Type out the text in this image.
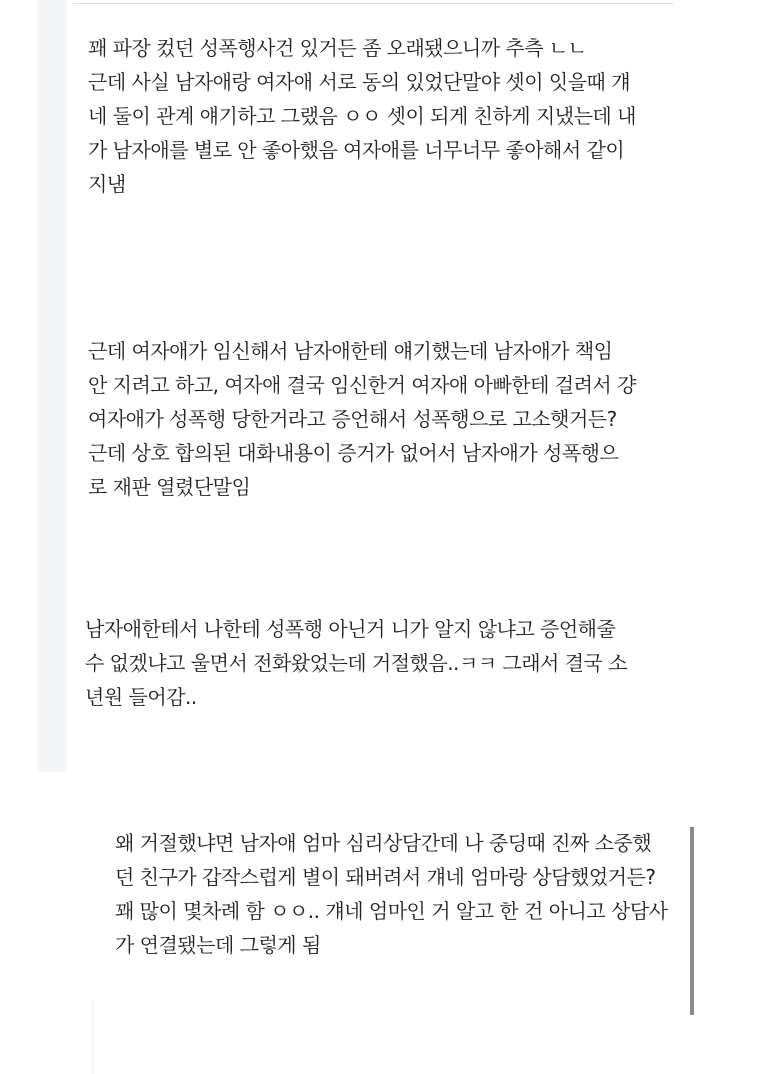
꽤 파장 컸던 성폭행사건 있거든 좀 오래됐으니까 추측 ㄴㄴ
근데 사실 남자애랑 여자애 서로 동의 있었단말야 셋이 잇을때 걔
네 둘이 관계 얘기하고 그랬음 ㅇㅇ 셋이 되게 친하게 지냈는데 내
가 남자애를 별로 안 좋아했음 여자애를 너무너무 좋아해서 같이
지냄
근데 여자애가 임신해서 남자애한테 얘기했는데 남자애가 책임
안 지려고 하고, 여자애 결국 임신한거 여자애 아빠한테 걸려서 걍
여자애가 성폭행 당한거라고 증언해서 성폭행으로 고소햇거든?
근데 상호 합의된 대화내용이 증거가 없어서 남자애가 성폭행으
로 재판 열렸단말임
남자애한테서 나한테 성폭행 아닌거 니가 알지 않냐고 증언해줄
수 없겠냐고 울면서 전화왔었는데 거절했음..ㅋㅋ 그래서 결국 소
년원 들어감..
왜 거절했냐면 남자애 엄마 심리상담간데 나 중딩때 진짜 소중했
던 친구가 갑작스럽게 별이 돼버려서 걔네 엄마랑 상담했었거든?
꽤 많이 몇차례 함 ㅇㅇ.. 걔네 엄마인 거 알고 한 건 아니고 상담사
가 연결됐는데 그렇게 됨
